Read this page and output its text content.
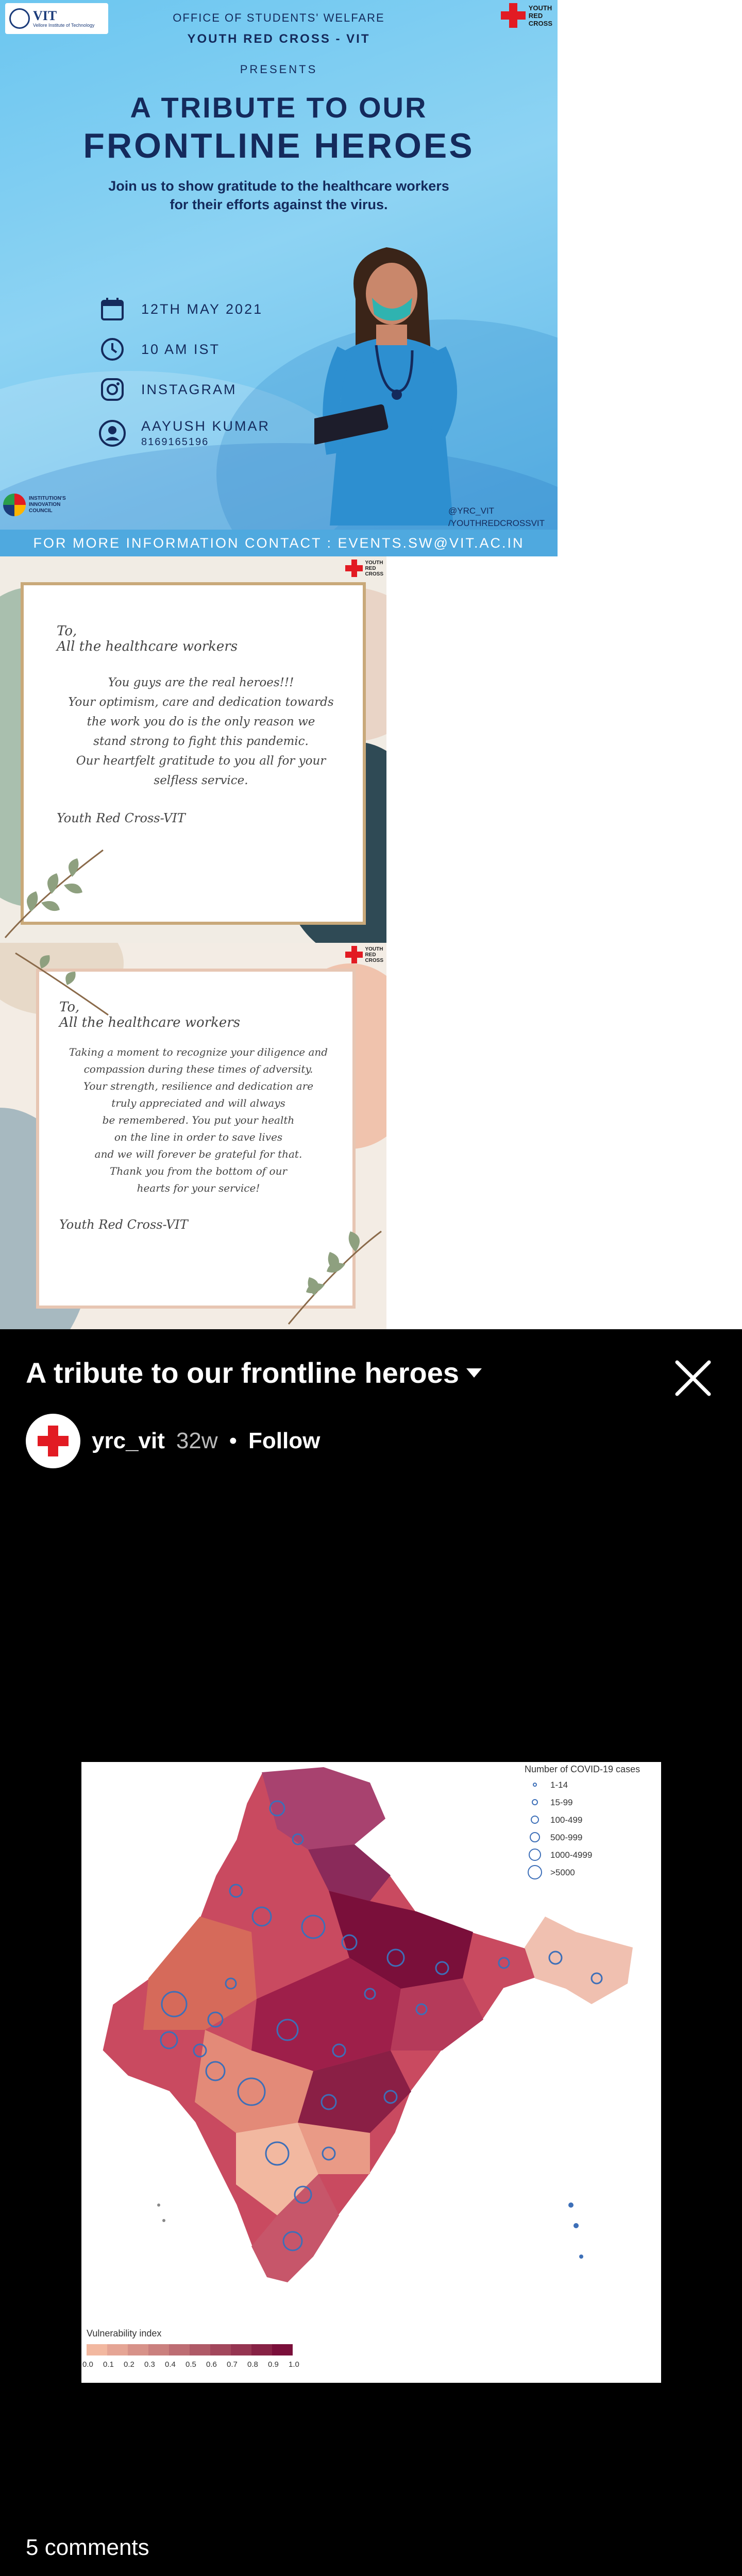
VIT
Vellore Institute of Technology
YOUTH
RED
CROSS
OFFICE OF STUDENTS' WELFARE
YOUTH RED CROSS - VIT
PRESENTS
A TRIBUTE TO OUR
FRONTLINE HEROES
Join us to show gratitude to the healthcare workers
for their efforts against the virus.
12TH MAY 2021
10 AM IST
INSTAGRAM
AAYUSH KUMAR
8169165196
INSTITUTION'S
INNOVATION
COUNCIL	@YRC_VIT
/YOUTHREDCROSSVIT
FOR MORE INFORMATION CONTACT : EVENTS.SW@VIT.AC.IN
YOUTH
RED
CROSS
To,
All the healthcare workers
You guys are the real heroes!!!
Your optimism, care and dedication towards
the work you do is the only reason we
stand strong to fight this pandemic.
Our heartfelt gratitude to you all for your
selfless service.
Youth Red Cross-VIT
YOUTH
RED
CROSS
To,
All the healthcare workers
Taking a moment to recognize your diligence and
compassion during these times of adversity.
Your strength, resilience and dedication are
truly appreciated and will always
be remembered. You put your health
on the line in order to save lives
and we will forever be grateful for that.
Thank you from the bottom of our
hearts for your service!
Youth Red Cross-VIT
A tribute to our frontline heroes
yrc_vit 32w • Follow
Number of COVID-19 cases
1-14
15-99
100-499
500-999
1000-4999
>5000
Vulnerability index
0.0 0.1 0.2 0.3 0.4 0.5 0.6 0.7 0.8 0.9 1.0
5 comments
